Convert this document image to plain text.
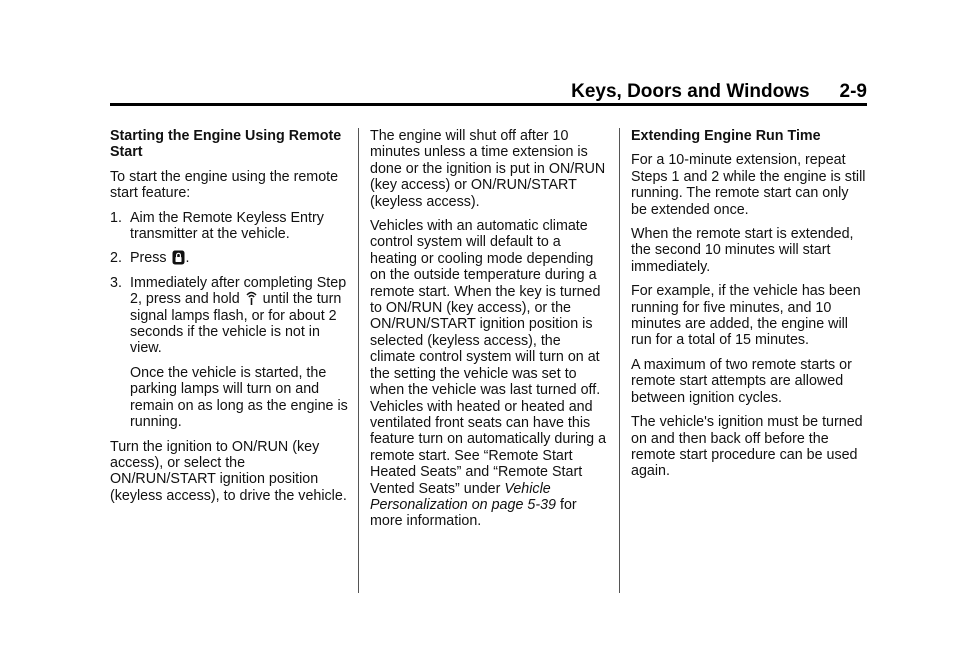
Keys, Doors and Windows 2-9

Starting the Engine Using Remote Start

To start the engine using the remote start feature:

1. Aim the Remote Keyless Entry transmitter at the vehicle.
2. Press .
3. Immediately after completing Step 2, press and hold until the turn signal lamps flash, or for about 2 seconds if the vehicle is not in view.
Once the vehicle is started, the parking lamps will turn on and remain on as long as the engine is running.

Turn the ignition to ON/RUN (key access), or select the ON/RUN/START ignition position (keyless access), to drive the vehicle.

The engine will shut off after 10 minutes unless a time extension is done or the ignition is put in ON/RUN (key access) or ON/RUN/START (keyless access).

Vehicles with an automatic climate control system will default to a heating or cooling mode depending on the outside temperature during a remote start. When the key is turned to ON/RUN (key access), or the ON/RUN/START ignition position is selected (keyless access), the climate control system will turn on at the setting the vehicle was set to when the vehicle was last turned off. Vehicles with heated or heated and ventilated front seats can have this feature turn on automatically during a remote start. See “Remote Start Heated Seats” and “Remote Start Vented Seats” under Vehicle Personalization on page 5-39 for more information.

Extending Engine Run Time

For a 10-minute extension, repeat Steps 1 and 2 while the engine is still running. The remote start can only be extended once.

When the remote start is extended, the second 10 minutes will start immediately.

For example, if the vehicle has been running for five minutes, and 10 minutes are added, the engine will run for a total of 15 minutes.

A maximum of two remote starts or remote start attempts are allowed between ignition cycles.

The vehicle's ignition must be turned on and then back off before the remote start procedure can be used again.
